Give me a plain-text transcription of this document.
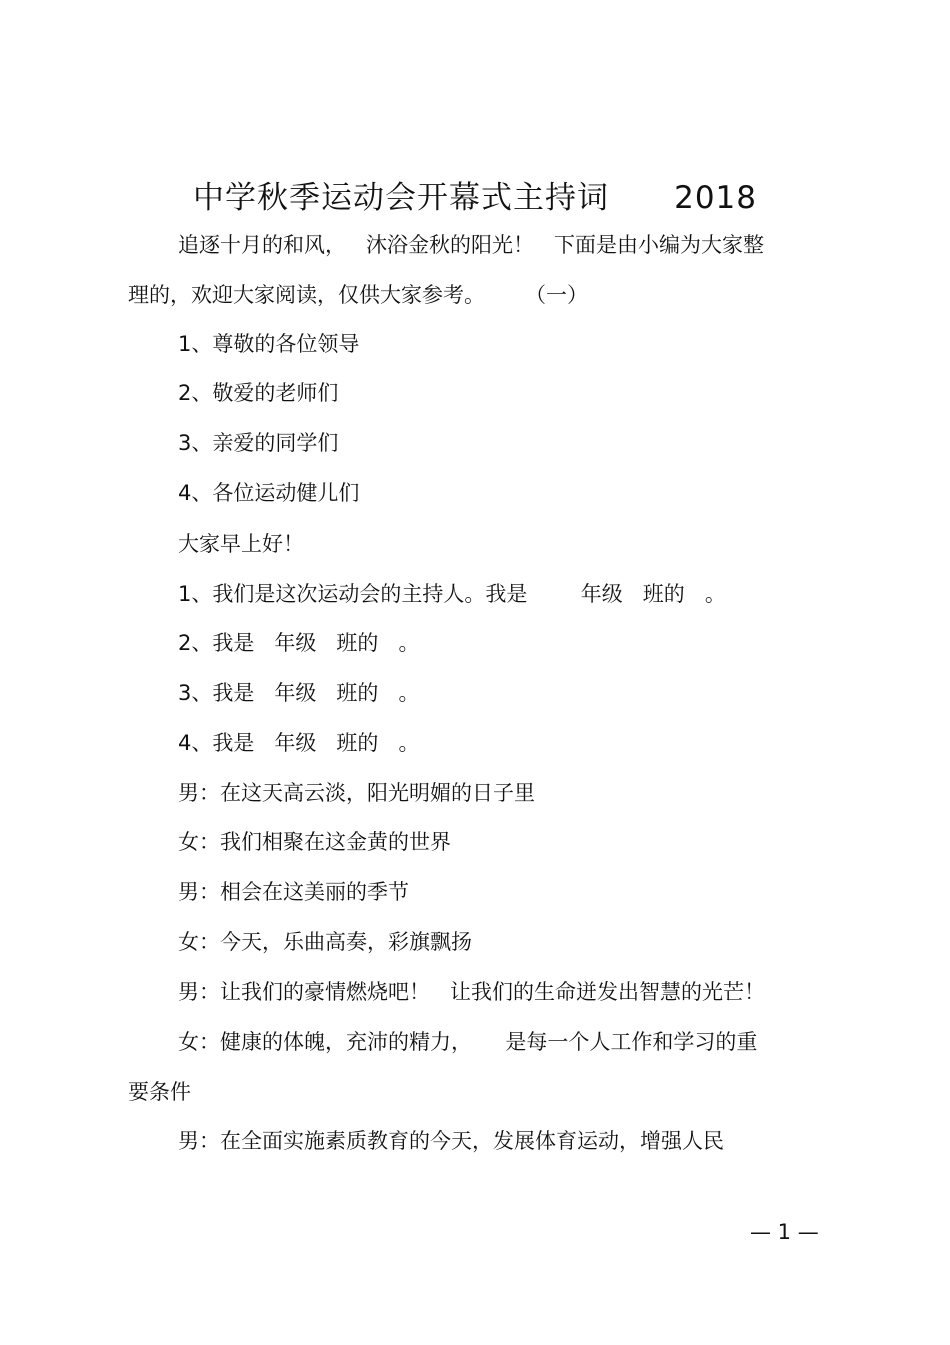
中学秋季运动会开幕式主持词      2018
追逐十月的和风，   沐浴金秋的阳光！   下面是由小编为大家整
理的，欢迎大家阅读，仅供大家参考。      （一）
1、尊敬的各位领导
2、敬爱的老师们
3、亲爱的同学们
4、各位运动健儿们
大家早上好！
1、我们是这次运动会的主持人。我是        年级   班的   。
2、我是   年级   班的   。
3、我是   年级   班的   。
4、我是   年级   班的   。
男：在这天高云淡，阳光明媚的日子里
女：我们相聚在这金黄的世界
男：相会在这美丽的季节
女：今天，乐曲高奏，彩旗飘扬
男：让我们的豪情燃烧吧！   让我们的生命迸发出智慧的光芒！
女：健康的体魄，充沛的精力，     是每一个人工作和学习的重
要条件
男：在全面实施素质教育的今天，发展体育运动，增强人民
— 1 —
